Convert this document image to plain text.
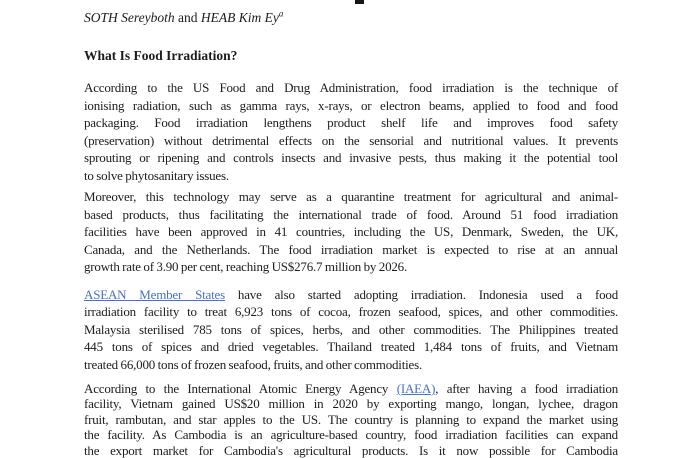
SOTH Sereyboth and HEAB Kim Ey$^a$
What Is Food Irradiation?
According to the US Food and Drug Administration, food irradiation is the technique of
ionising radiation, such as gamma rays, x-rays, or electron beams, applied to food and food
packaging. Food irradiation lengthens product shelf life and improves food safety
(preservation) without detrimental effects on the sensorial and nutritional values. It prevents
sprouting or ripening and controls insects and invasive pests, thus making it the potential tool
to solve phytosanitary issues.
Moreover, this technology may serve as a quarantine treatment for agricultural and animal-
based products, thus facilitating the international trade of food. Around 51 food irradiation
facilities have been approved in 41 countries, including the US, Denmark, Sweden, the UK,
Canada, and the Netherlands. The food irradiation market is expected to rise at an annual
growth rate of 3.90 per cent, reaching US$276.7 million by 2026.
ASEAN Member States have also started adopting irradiation. Indonesia used a food
irradiation facility to treat 6,923 tons of cocoa, frozen seafood, spices, and other commodities.
Malaysia sterilised 785 tons of spices, herbs, and other commodities. The Philippines treated
445 tons of spices and dried vegetables. Thailand treated 1,484 tons of fruits, and Vietnam
treated 66,000 tons of frozen seafood, fruits, and other commodities.
According to the International Atomic Energy Agency (IAEA), after having a food irradiation
facility, Vietnam gained US$20 million in 2020 by exporting mango, longan, lychee, dragon
fruit, rambutan, and star apples to the US. The country is planning to expand the market using
the facility. As Cambodia is an agriculture-based country, food irradiation facilities can expand
the export market for Cambodia's agricultural products. Is it now possible for Cambodia
